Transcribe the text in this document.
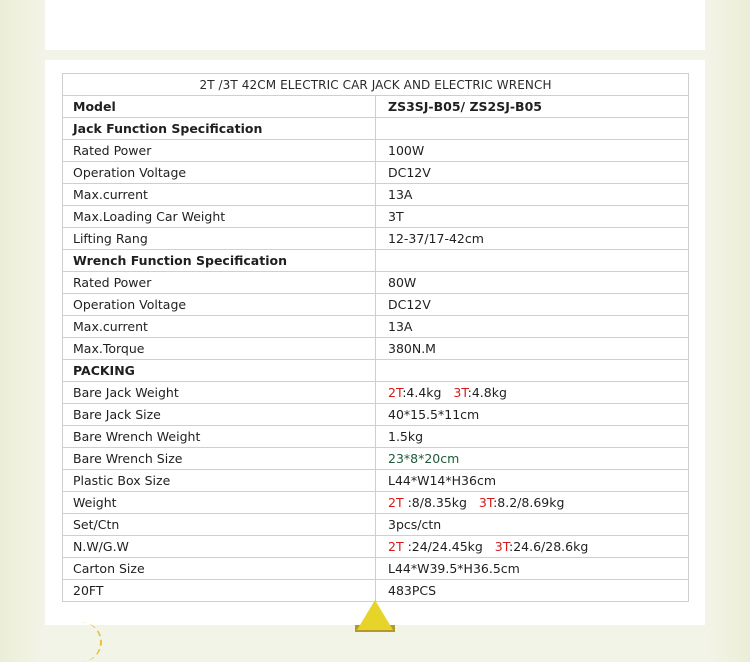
2T /3T 42CM ELECTRIC CAR JACK AND ELECTRIC WRENCH	
Model	ZS3SJ-B05/ ZS2SJ-B05
Jack Function Specification	
Rated Power	100W
Operation Voltage	DC12V
Max.current	13A
Max.Loading Car Weight	3T
Lifting Rang	12-37/17-42cm
Wrench Function Specification	
Rated Power	80W
Operation Voltage	DC12V
Max.current	13A
Max.Torque	380N.M
PACKING	
Bare Jack Weight	2T:4.4kg 3T:4.8kg
Bare Jack Size	40*15.5*11cm
Bare Wrench Weight	1.5kg
Bare Wrench Size	23*8*20cm
Plastic Box Size	L44*W14*H36cm
Weight	2T :8/8.35kg 3T:8.2/8.69kg
Set/Ctn	3pcs/ctn
N.W/G.W	2T :24/24.45kg 3T:24.6/28.6kg
Carton Size	L44*W39.5*H36.5cm
20FT	483PCS
